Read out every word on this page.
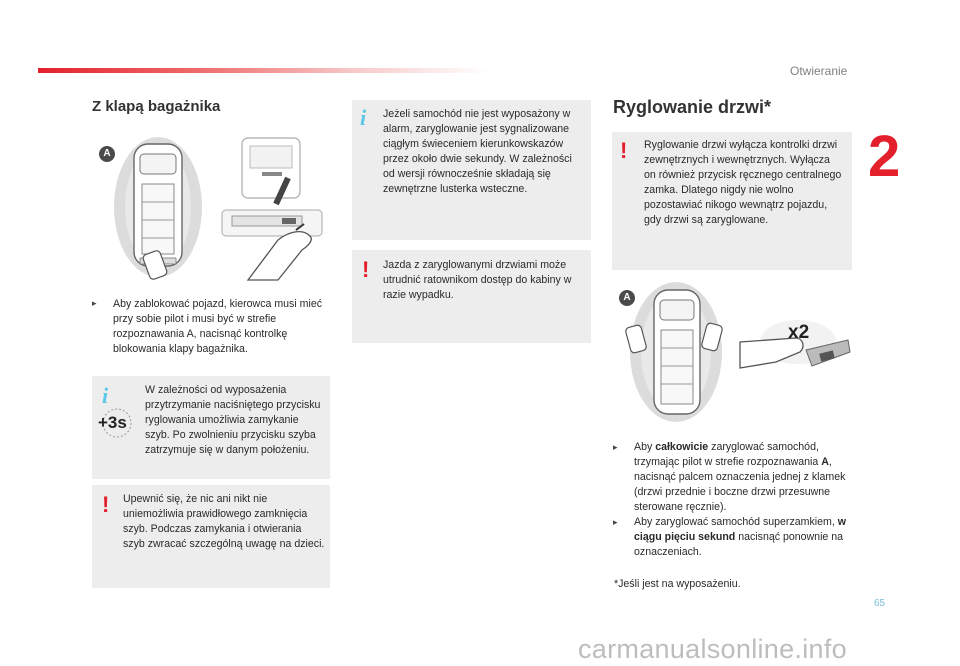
Otwieranie
2
Z klapą bagażnika
A
▸ Aby zablokować pojazd, kierowca musi mieć przy sobie pilot i musi być w strefie rozpoznawania A, nacisnąć kontrolkę blokowania klapy bagażnika.
i
+3s
W zależności od wyposażenia przytrzymanie naciśniętego przycisku ryglowania umożliwia zamykanie szyb. Po zwolnieniu przycisku szyba zatrzymuje się w danym położeniu.
! Upewnić się, że nic ani nikt nie uniemożliwia prawidłowego zamknięcia szyb. Podczas zamykania i otwierania szyb zwracać szczególną uwagę na dzieci.
i Jeżeli samochód nie jest wyposażony w alarm, zaryglowanie jest sygnalizowane ciągłym świeceniem kierunkowskazów przez około dwie sekundy. W zależności od wersji równocześnie składają się zewnętrzne lusterka wsteczne.
! Jazda z zaryglowanymi drzwiami może utrudnić ratownikom dostęp do kabiny w razie wypadku.
Ryglowanie drzwi*
! Ryglowanie drzwi wyłącza kontrolki drzwi zewnętrznych i wewnętrznych. Wyłącza on również przycisk ręcznego centralnego zamka. Dlatego nigdy nie wolno pozostawiać nikogo wewnątrz pojazdu, gdy drzwi są zaryglowane.
A
x2
▸ Aby całkowicie zaryglować samochód, trzymając pilot w strefie rozpoznawania A, nacisnąć palcem oznaczenia jednej z klamek (drzwi przednie i boczne drzwi przesuwne sterowane ręcznie).
▸ Aby zaryglować samochód superzamkiem, w ciągu pięciu sekund nacisnąć ponownie na oznaczeniach.
*Jeśli jest na wyposażeniu.
65
carmanualsonline.info
